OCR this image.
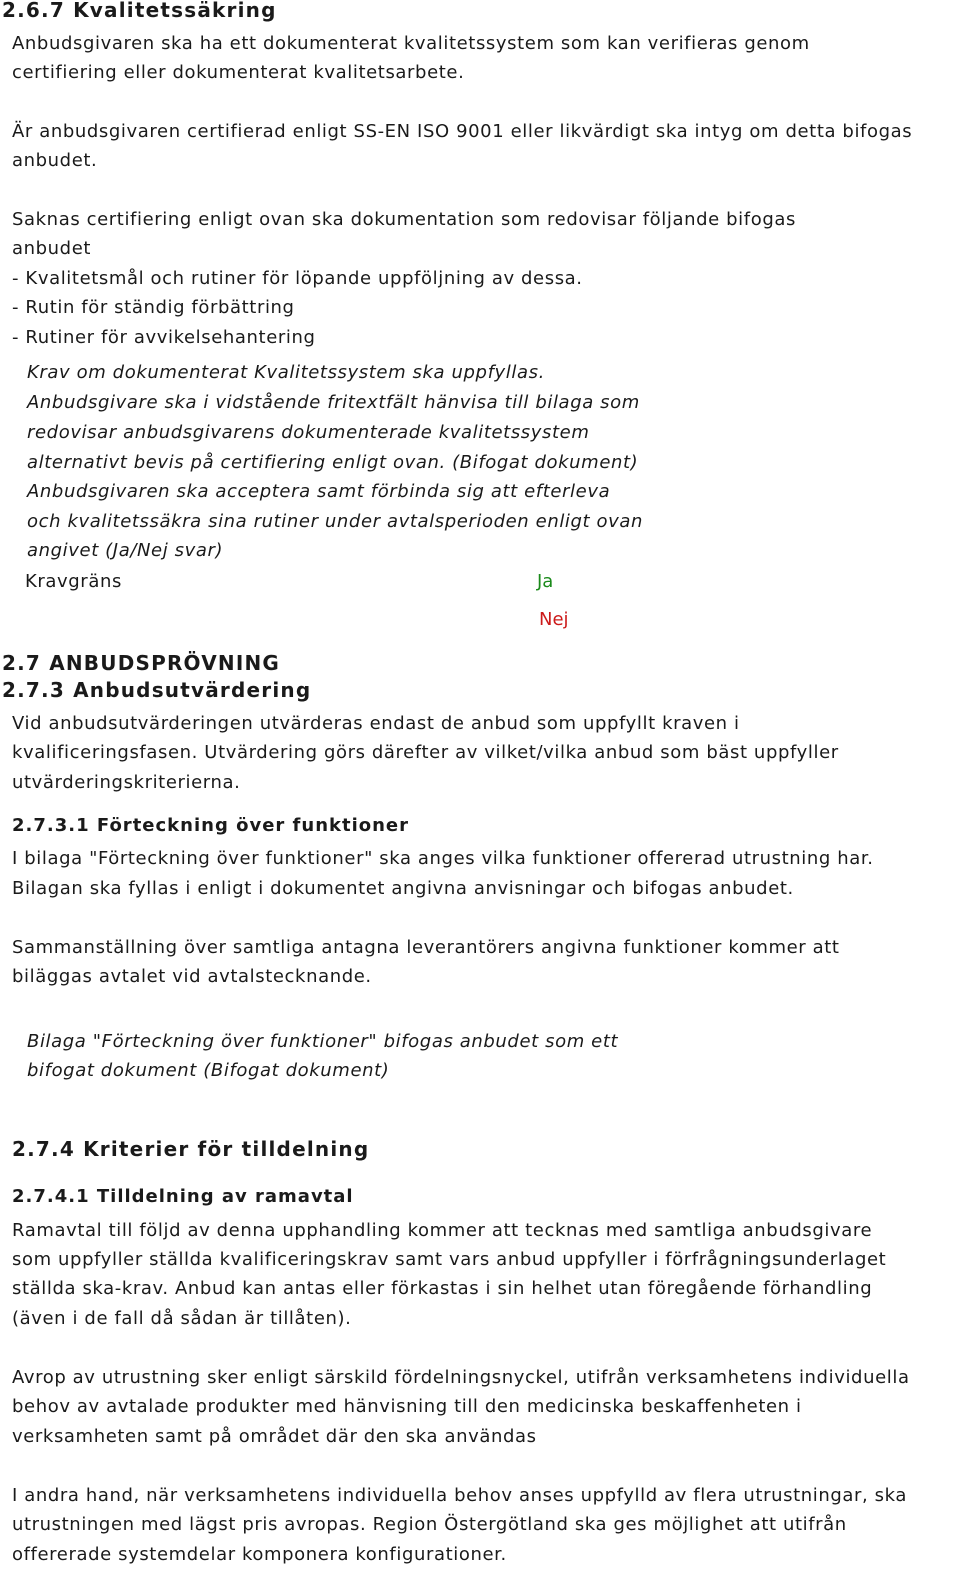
2.6.7 Kvalitetssäkring
Anbudsgivaren ska ha ett dokumenterat kvalitetssystem som kan verifieras genom
certifiering eller dokumenterat kvalitetsarbete.
Är anbudsgivaren certifierad enligt SS-EN ISO 9001 eller likvärdigt ska intyg om detta bifogas
anbudet.
Saknas certifiering enligt ovan ska dokumentation som redovisar följande bifogas
anbudet
- Kvalitetsmål och rutiner för löpande uppföljning av dessa.
- Rutin för ständig förbättring
- Rutiner för avvikelsehantering
Krav om dokumenterat Kvalitetssystem ska uppfyllas.
Anbudsgivare ska i vidstående fritextfält hänvisa till bilaga som
redovisar anbudsgivarens dokumenterade kvalitetssystem
alternativt bevis på certifiering enligt ovan. (Bifogat dokument)
Anbudsgivaren ska acceptera samt förbinda sig att efterleva
och kvalitetssäkra sina rutiner under avtalsperioden enligt ovan
angivet (Ja/Nej svar)
Kravgräns	Ja
Nej
2.7 ANBUDSPRÖVNING
2.7.3 Anbudsutvärdering
Vid anbudsutvärderingen utvärderas endast de anbud som uppfyllt kraven i
kvalificeringsfasen. Utvärdering görs därefter av vilket/vilka anbud som bäst uppfyller
utvärderingskriterierna.
2.7.3.1 Förteckning över funktioner
I bilaga "Förteckning över funktioner" ska anges vilka funktioner offererad utrustning har.
Bilagan ska fyllas i enligt i dokumentet angivna anvisningar och bifogas anbudet.
Sammanställning över samtliga antagna leverantörers angivna funktioner kommer att
biläggas avtalet vid avtalstecknande.
Bilaga "Förteckning över funktioner" bifogas anbudet som ett
bifogat dokument (Bifogat dokument)
2.7.4 Kriterier för tilldelning
2.7.4.1 Tilldelning av ramavtal
Ramavtal till följd av denna upphandling kommer att tecknas med samtliga anbudsgivare
som uppfyller ställda kvalificeringskrav samt vars anbud uppfyller i förfrågningsunderlaget
ställda ska-krav. Anbud kan antas eller förkastas i sin helhet utan föregående förhandling
(även i de fall då sådan är tillåten).
Avrop av utrustning sker enligt särskild fördelningsnyckel, utifrån verksamhetens individuella
behov av avtalade produkter med hänvisning till den medicinska beskaffenheten i
verksamheten samt på området där den ska användas
I andra hand, när verksamhetens individuella behov anses uppfylld av flera utrustningar, ska
utrustningen med lägst pris avropas. Region Östergötland ska ges möjlighet att utifrån
offererade systemdelar komponera konfigurationer.
